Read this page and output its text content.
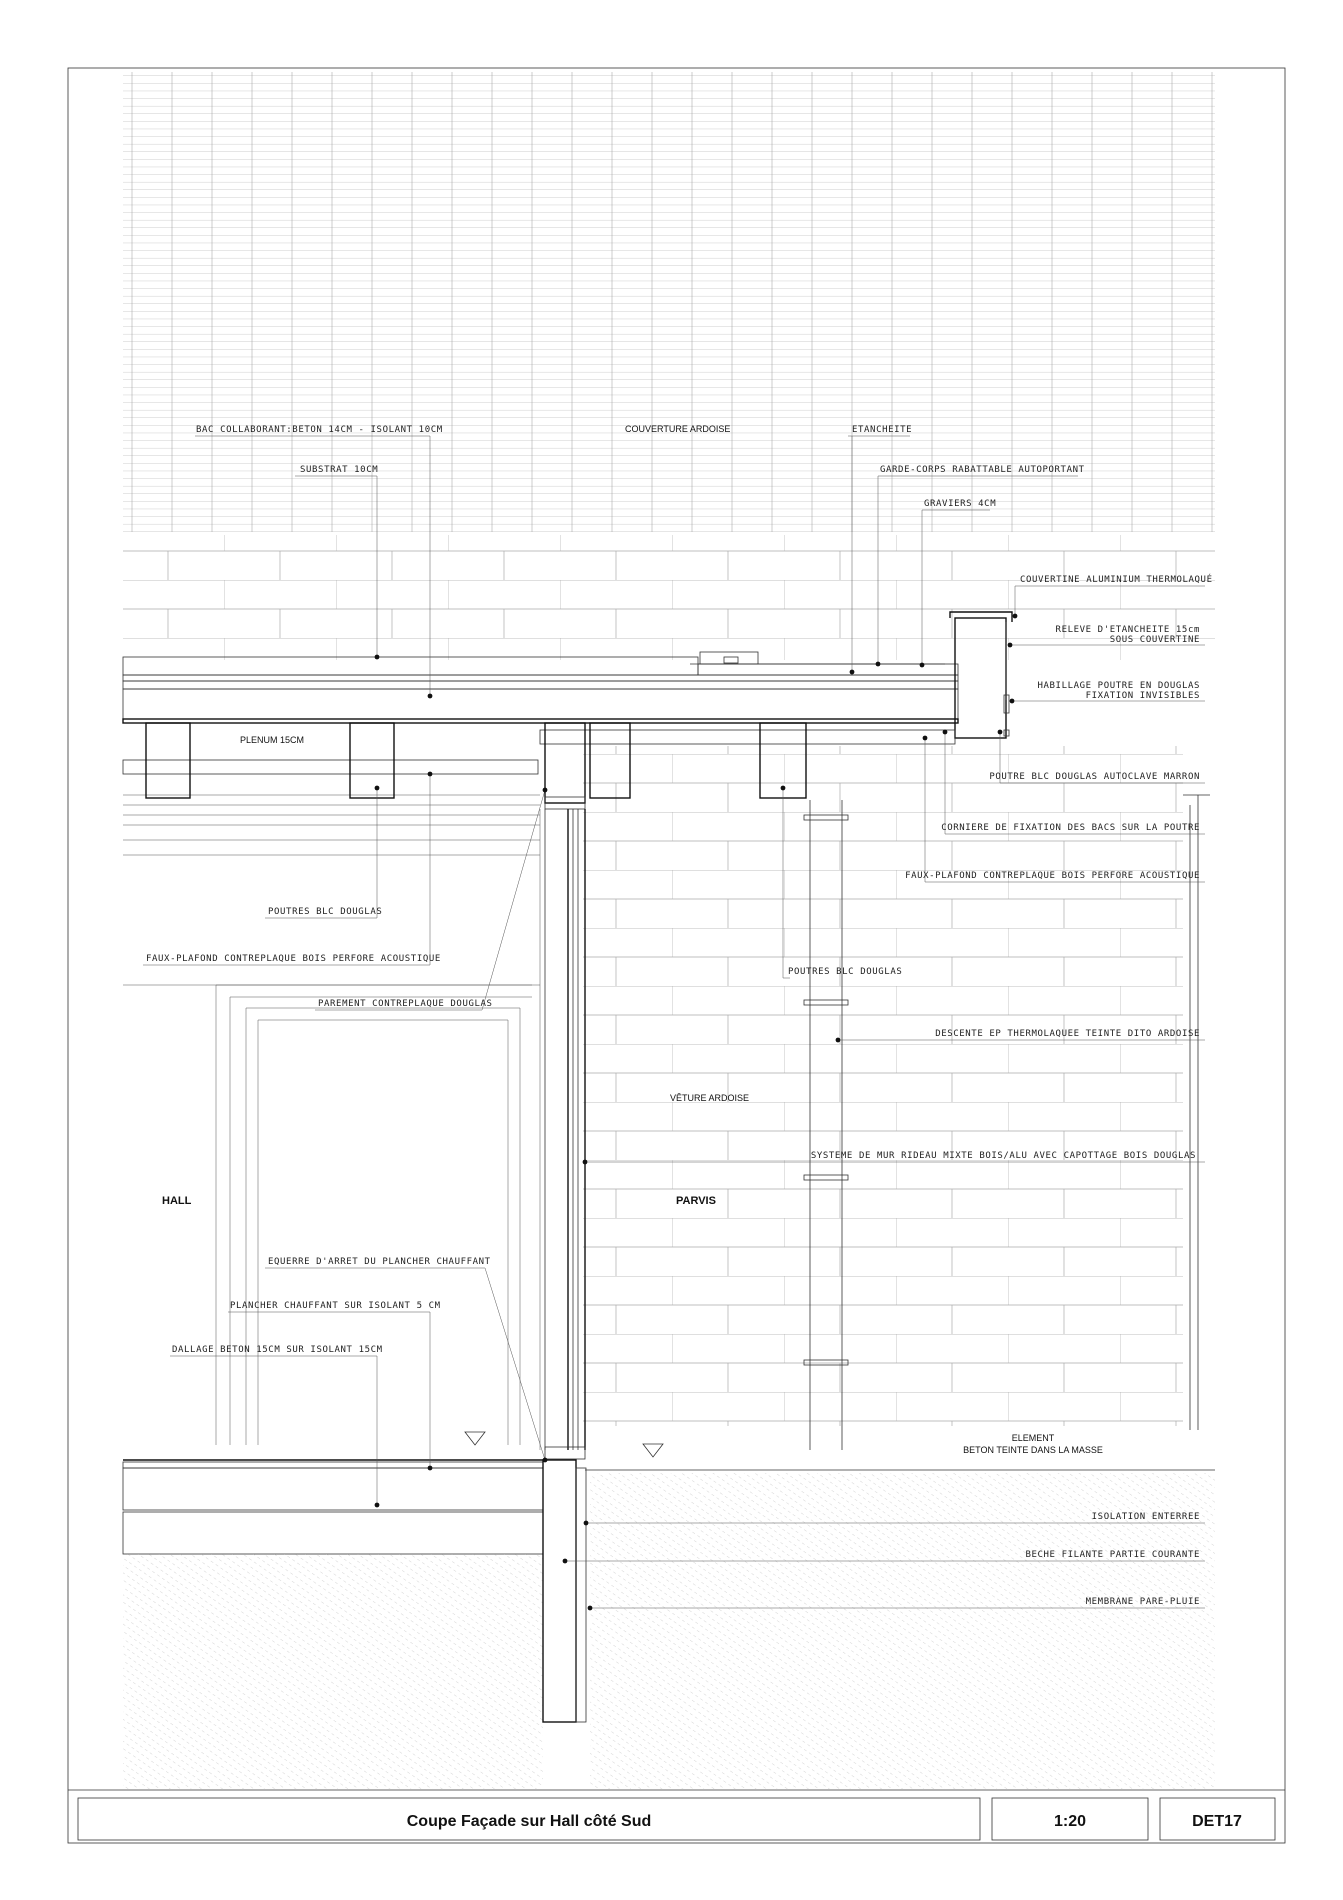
BAC COLLABORANT:BETON 14CM - ISOLANT 10CM	COUVERTURE ARDOISE	ETANCHEITE
SUBSTRAT 10CM	GARDE-CORPS RABATTABLE AUTOPORTANT
GRAVIERS 4CM
COUVERTINE ALUMINIUM THERMOLAQUÉ
RELEVE D'ETANCHEITE 15cm
SOUS COUVERTINE
HABILLAGE POUTRE EN DOUGLAS
FIXATION INVISIBLES
PLENUM 15CM
POUTRE BLC DOUGLAS AUTOCLAVE MARRON
CORNIERE DE FIXATION DES BACS SUR LA POUTRE
FAUX-PLAFOND CONTREPLAQUE BOIS PERFORE ACOUSTIQUE
POUTRES BLC DOUGLAS
FAUX-PLAFOND CONTREPLAQUE BOIS PERFORE ACOUSTIQUE
POUTRES BLC DOUGLAS
PAREMENT CONTREPLAQUE DOUGLAS
DESCENTE EP THERMOLAQUEE TEINTE DITO ARDOISE
VÊTURE ARDOISE
SYSTEME DE MUR RIDEAU MIXTE BOIS/ALU AVEC CAPOTTAGE BOIS DOUGLAS
HALL	PARVIS
EQUERRE D'ARRET DU PLANCHER CHAUFFANT
PLANCHER CHAUFFANT SUR ISOLANT 5 CM
DALLAGE BETON 15CM SUR ISOLANT 15CM
ELEMENT
BETON TEINTE DANS LA MASSE
ISOLATION ENTERREE
BECHE FILANTE PARTIE COURANTE
MEMBRANE PARE-PLUIE
Coupe Façade sur Hall côté Sud	1:20	DET17
